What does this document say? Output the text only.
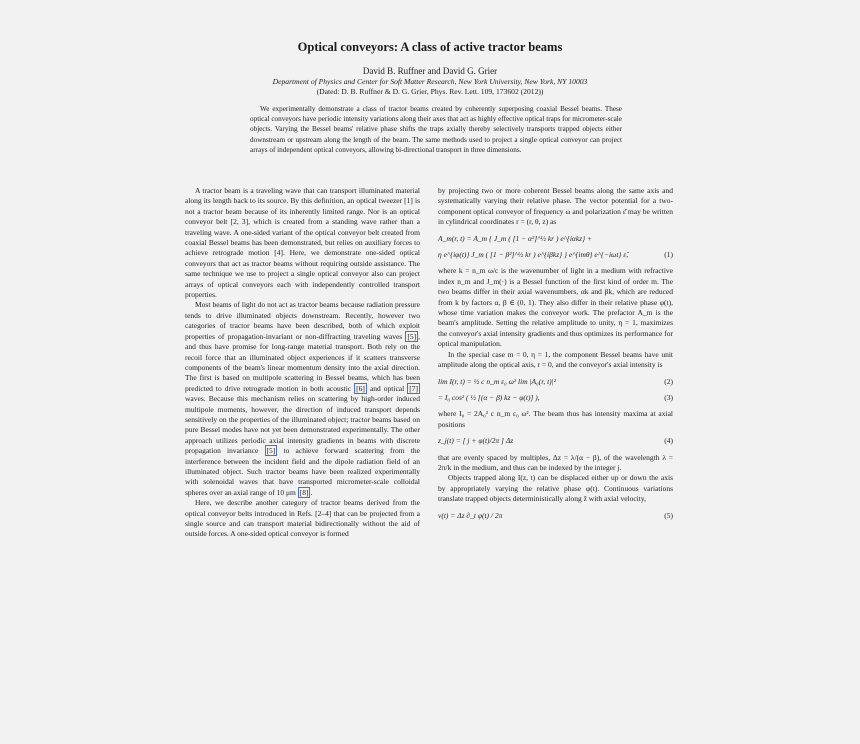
Optical conveyors: A class of active tractor beams
David B. Ruffner and David G. Grier
Department of Physics and Center for Soft Matter Research, New York University, New York, NY 10003
(Dated: D. B. Ruffner & D. G. Grier, Phys. Rev. Lett. 109, 173602 (2012))
We experimentally demonstrate a class of tractor beams created by coherently superposing coaxial Bessel beams. These optical conveyors have periodic intensity variations along their axes that act as highly effective optical traps for micrometer-scale objects. Varying the Bessel beams' relative phase shifts the traps axially thereby selectively transports trapped objects either downstream or upstream along the length of the beam. The same methods used to project a single optical conveyor can project arrays of independent optical conveyors, allowing bi-directional transport in three dimensions.

A tractor beam is a traveling wave that can transport illuminated material along its length back to its source. By this definition, an optical tweezer [1] is not a tractor beam because of its inherently limited range. Nor is an optical conveyor belt [2, 3], which is created from a standing wave rather than a traveling wave. A one-sided variant of the optical conveyor belt created from coaxial Bessel beams has been demonstrated, but relies on auxiliary forces to achieve retrograde motion [4]. Here, we demonstrate one-sided optical conveyors that act as tractor beams without requiring outside assistance. The same technique we use to project a single optical conveyor also can project arrays of optical conveyors each with independently controlled transport properties.

Most beams of light do not act as tractor beams because radiation pressure tends to drive illuminated objects downstream. Recently, however two categories of tractor beams have been described, both of which exploit properties of propagation-invariant or non-diffracting traveling waves [5] , and thus have promise for long-range material transport. Both rely on the recoil force that an illuminated object experiences if it scatters transverse components of the beam's linear momentum density into the axial direction. The first is based on multipole scattering in Bessel beams, which has been predicted to drive retrograde motion in both acoustic [6] and optical [7] waves. Because this mechanism relies on scattering by high-order induced multipole moments, however, the direction of induced transport depends sensitively on the properties of the illuminated object; tractor beams based on pure Bessel modes have not yet been demonstrated experimentally. The other approach utilizes periodic axial intensity gradients in beams with discrete propagation invariance [5] to achieve forward scattering from the interference between the incident field and the dipole radiation field of an illuminated object. Such tractor beams have been realized experimentally with solenoidal waves that have transported micrometer-scale colloidal spheres over an axial range of 10 μm [8] .

Here, we describe another category of tractor beams derived from the optical conveyor belts introduced in Refs. [2–4] that can be projected from a single source and can transport material bidirectionally without the aid of outside forces. A one-sided optical conveyor is formed

by projecting two or more coherent Bessel beams along the same axis and systematically varying their relative phase. The vector potential for a two-component optical conveyor of frequency ω and polarization ε̂ may be written in cylindrical coordinates r = (r, θ, z) as

A_m(r, t) = A_m { J_m ( [1 − α²]^½ kr ) e^{iαkz} +
η e^{iφ(t)} J_m ( [1 − β²]^½ kr ) e^{iβkz} } e^{imθ} e^{−iωt} ε̂,	(1)

where k = n_m ω/c is the wavenumber of light in a medium with refractive index n_m and J_m(·) is a Bessel function of the first kind of order m. The two beams differ in their axial wavenumbers, αk and βk, which are reduced from k by factors α, β ∈ (0, 1). They also differ in their relative phase φ(t), whose time variation makes the conveyor work. The prefactor A_m is the beam's amplitude. Setting the relative amplitude to unity, η = 1, maximizes the conveyor's axial intensity gradients and thus optimizes its performance for optical manipulation.

In the special case m = 0, η = 1, the component Bessel beams have unit amplitude along the optical axis, r = 0, and the conveyor's axial intensity is

lim I(r, t) = ½ c n_m ε₀ ω² lim |A₀(r, t)|²	(2)
= I₀ cos² ( ½ [(α − β) kz − φ(t)] ),	(3)

where I₀ = 2A₀² c n_m ε₀ ω². The beam thus has intensity maxima at axial positions

z_j(t) = [ j + φ(t)/2π ] Δz	(4)

that are evenly spaced by multiples, Δz = λ/(α − β), of the wavelength λ = 2π/k in the medium, and thus can be indexed by the integer j.

Objects trapped along I(z, t) can be displaced either up or down the axis by appropriately varying the relative phase φ(t). Continuous variations translate trapped objects deterministically along ẑ with axial velocity,

v(t) = Δz ∂_t φ(t) / 2π	(5)
